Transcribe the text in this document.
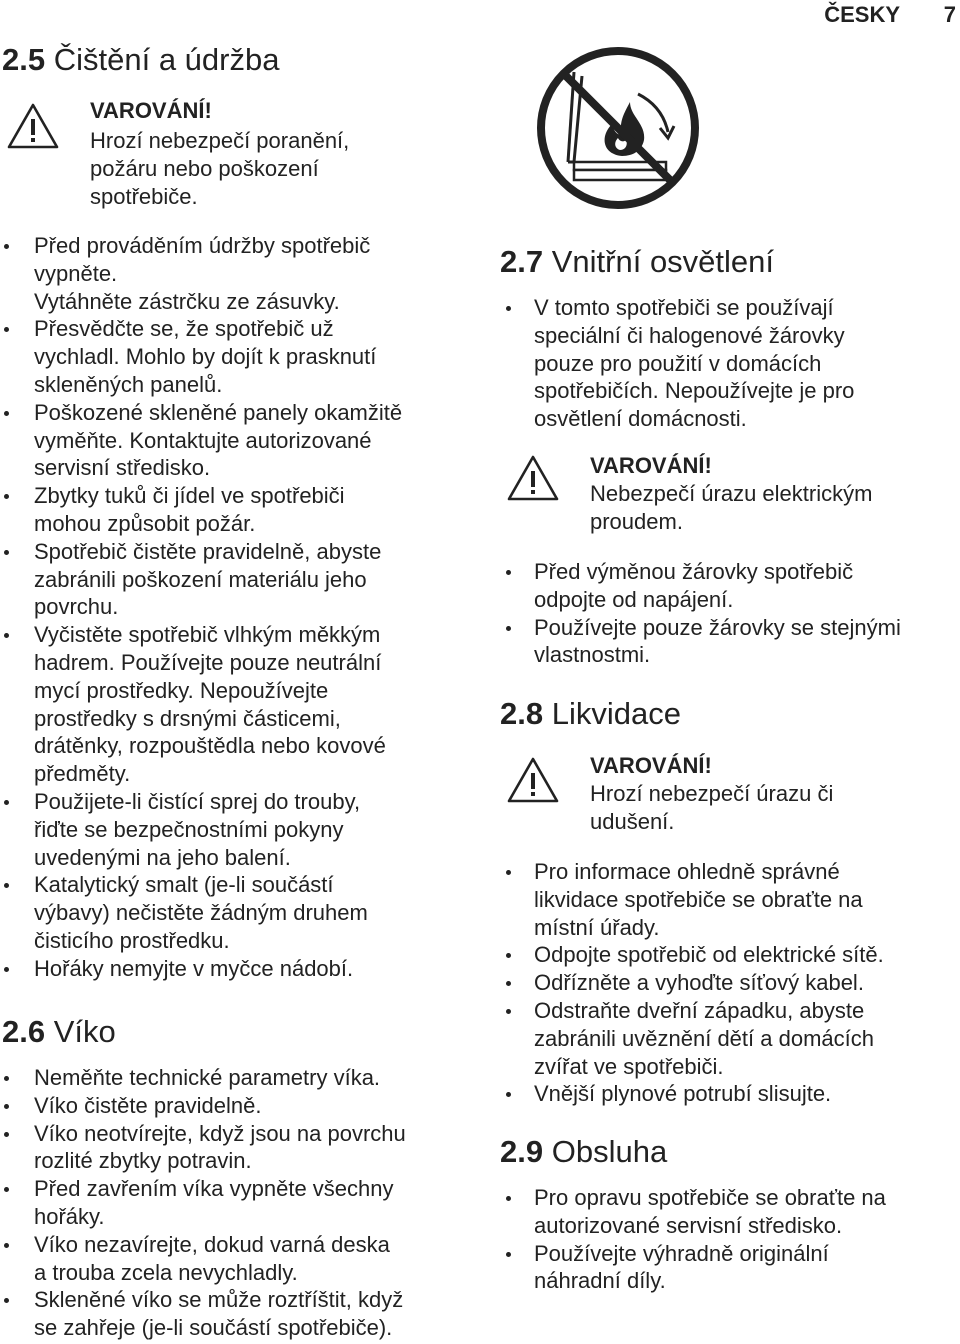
ČESKY 7
2.5 Čištění a údržba
VAROVÁNÍ!
Hrozí nebezpečí poranění,
požáru nebo poškození
spotřebiče.
Před prováděním údržby spotřebič
vypněte.
Vytáhněte zástrčku ze zásuvky.
Přesvědčte se, že spotřebič už
vychladl. Mohlo by dojít k prasknutí
skleněných panelů.
Poškozené skleněné panely okamžitě
vyměňte. Kontaktujte autorizované
servisní středisko.
Zbytky tuků či jídel ve spotřebiči
mohou způsobit požár.
Spotřebič čistěte pravidelně, abyste
zabránili poškození materiálu jeho
povrchu.
Vyčistěte spotřebič vlhkým měkkým
hadrem. Používejte pouze neutrální
mycí prostředky. Nepoužívejte
prostředky s drsnými částicemi,
drátěnky, rozpouštědla nebo kovové
předměty.
Použijete-li čistící sprej do trouby,
řiďte se bezpečnostními pokyny
uvedenými na jeho balení.
Katalytický smalt (je-li součástí
výbavy) nečistěte žádným druhem
čisticího prostředku.
Hořáky nemyjte v myčce nádobí.
2.6 Víko
Neměňte technické parametry víka.
Víko čistěte pravidelně.
Víko neotvírejte, když jsou na povrchu
rozlité zbytky potravin.
Před zavřením víka vypněte všechny
hořáky.
Víko nezavírejte, dokud varná deska
a trouba zcela nevychladly.
Skleněné víko se může roztříštit, když
se zahřeje (je-li součástí spotřebiče).
2.7 Vnitřní osvětlení
V tomto spotřebiči se používají
speciální či halogenové žárovky
pouze pro použití v domácích
spotřebičích. Nepoužívejte je pro
osvětlení domácnosti.
VAROVÁNÍ!
Nebezpečí úrazu elektrickým
proudem.
Před výměnou žárovky spotřebič
odpojte od napájení.
Používejte pouze žárovky se stejnými
vlastnostmi.
2.8 Likvidace
VAROVÁNÍ!
Hrozí nebezpečí úrazu či
udušení.
Pro informace ohledně správné
likvidace spotřebiče se obraťte na
místní úřady.
Odpojte spotřebič od elektrické sítě.
Odřízněte a vyhoďte síťový kabel.
Odstraňte dveřní západku, abyste
zabránili uvěznění dětí a domácích
zvířat ve spotřebiči.
Vnější plynové potrubí slisujte.
2.9 Obsluha
Pro opravu spotřebiče se obraťte na
autorizované servisní středisko.
Používejte výhradně originální
náhradní díly.
